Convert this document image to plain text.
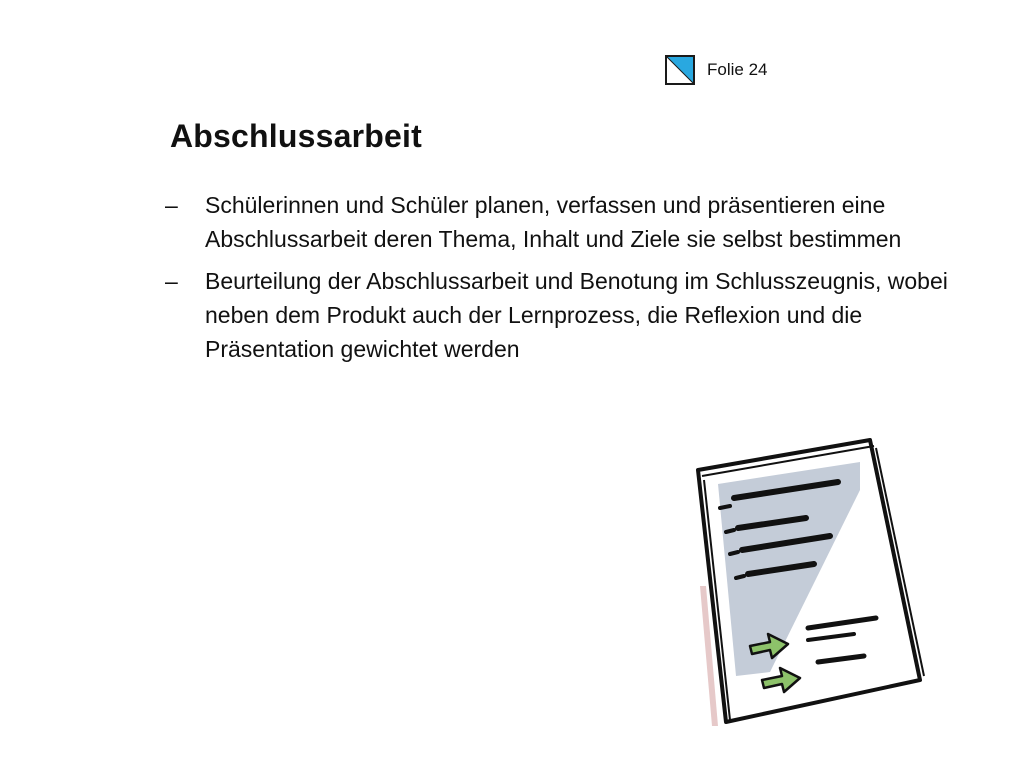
Folie 24
Abschlussarbeit
–	Schülerinnen und Schüler planen, verfassen und präsentieren eine Abschlussarbeit deren Thema, Inhalt und Ziele sie selbst bestimmen
–	Beurteilung der Abschlussarbeit und Benotung im Schlusszeugnis, wobei neben dem Produkt auch der Lernprozess, die Reflexion und die Präsentation gewichtet werden
